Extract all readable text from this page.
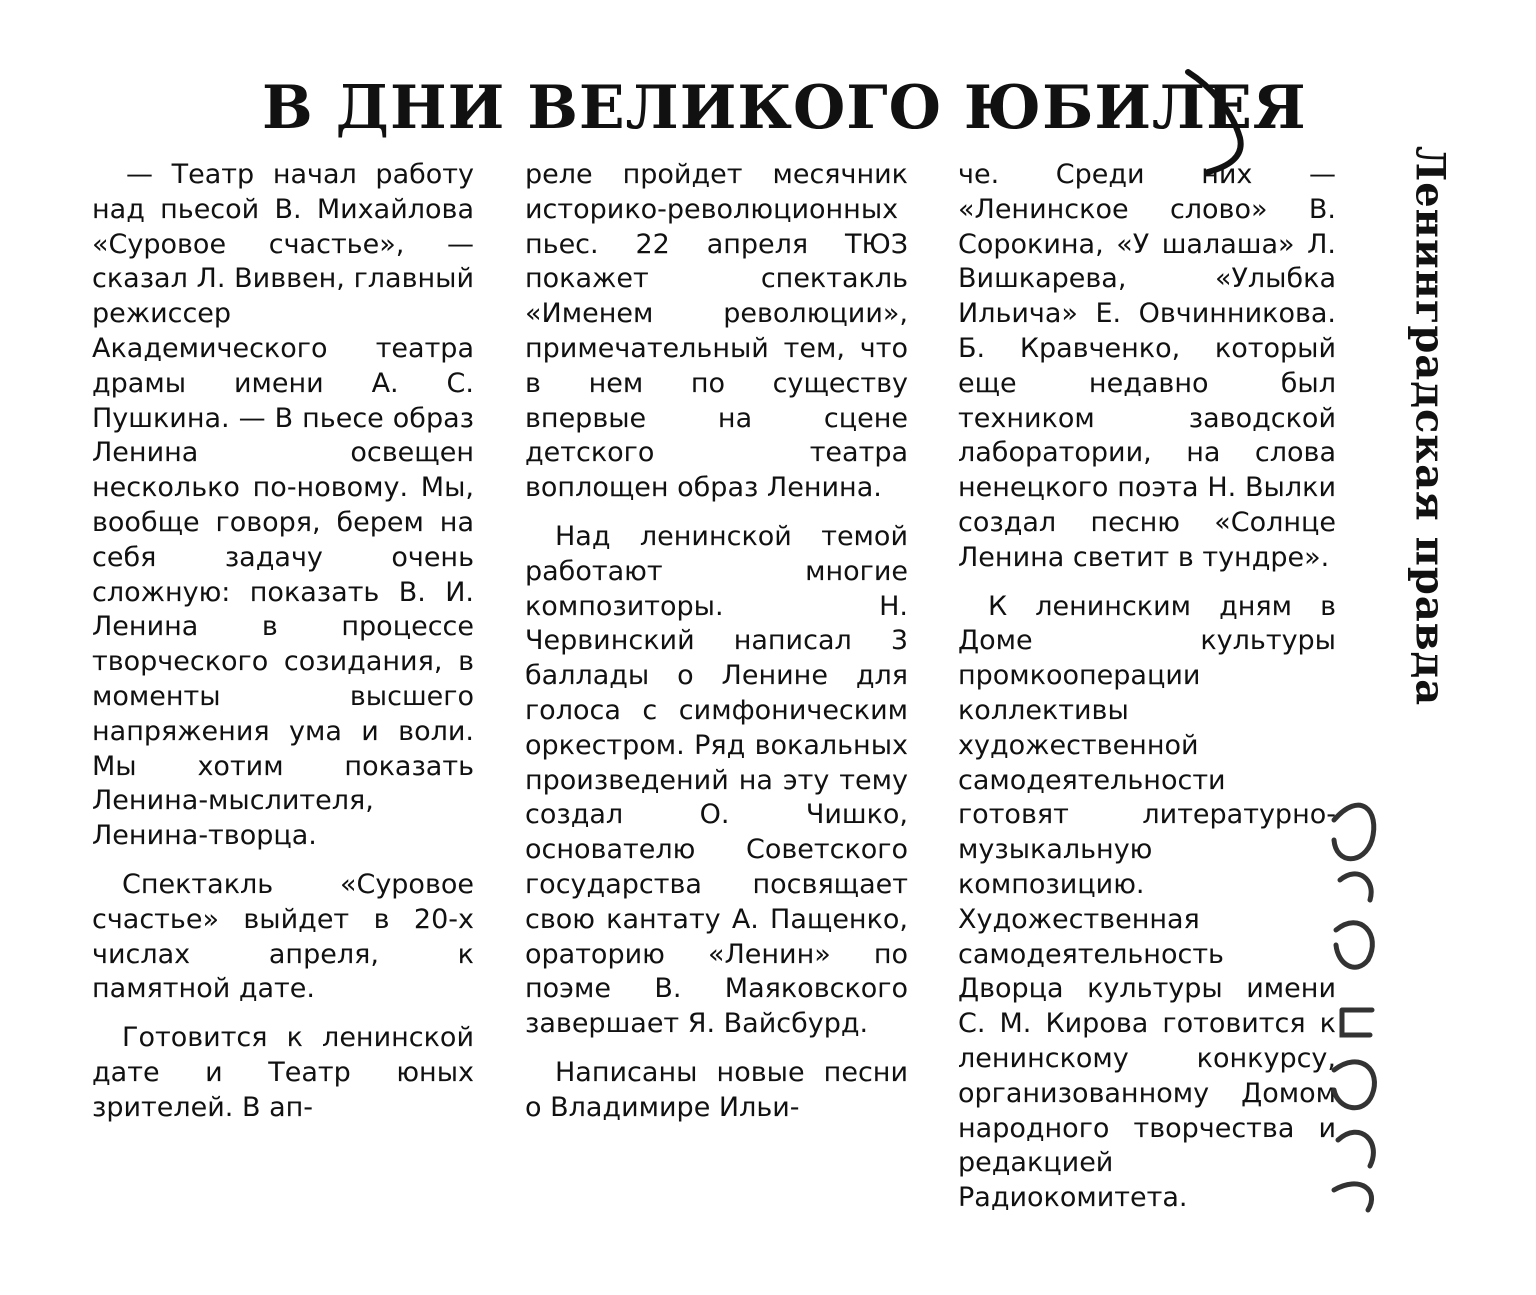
В ДНИ ВЕЛИКОГО ЮБИЛЕЯ

— Театр начал работу над пьесой В. Михайлова «Суровое счастье», — сказал Л. Виввен, главный режиссер Академического театра драмы имени А. С. Пушкина. — В пьесе образ Ленина освещен несколько по-новому. Мы, вообще говоря, берем на себя задачу очень сложную: показать В. И. Ленина в процессе творческого созидания, в моменты высшего напряжения ума и воли. Мы хотим показать Ленина-мыслителя, Ленина-творца.

Спектакль «Суровое счастье» выйдет в 20-х числах апреля, к памятной дате.

Готовится к ленинской дате и Театр юных зрителей. В ап-

реле пройдет месячник историко-революционных пьес. 22 апреля ТЮЗ покажет спектакль «Именем революции», примечательный тем, что в нем по существу впервые на сцене детского театра воплощен образ Ленина.

Над ленинской темой работают многие композиторы. Н. Червинский написал 3 баллады о Ленине для голоса с симфоническим оркестром. Ряд вокальных произведений на эту тему создал О. Чишко, основателю Советского государства посвящает свою кантату А. Пащенко, ораторию «Ленин» по поэме В. Маяковского завершает Я. Вайсбурд.

Написаны новые песни о Владимире Ильи-

че. Среди них — «Ленинское слово» В. Сорокина, «У шалаша» Л. Вишкарева, «Улыбка Ильича» Е. Овчинникова. Б. Кравченко, который еще недавно был техником заводской лаборатории, на слова ненецкого поэта Н. Вылки создал песню «Солнце Ленина светит в тундре».

К ленинским дням в Доме культуры промкооперации коллективы художественной самодеятельности готовят литературно-музыкальную композицию. Художественная самодеятельность Дворца культуры имени С. М. Кирова готовится к ленинскому конкурсу, организованному Домом народного творчества и редакцией Радиокомитета.

Ленинградская правда
